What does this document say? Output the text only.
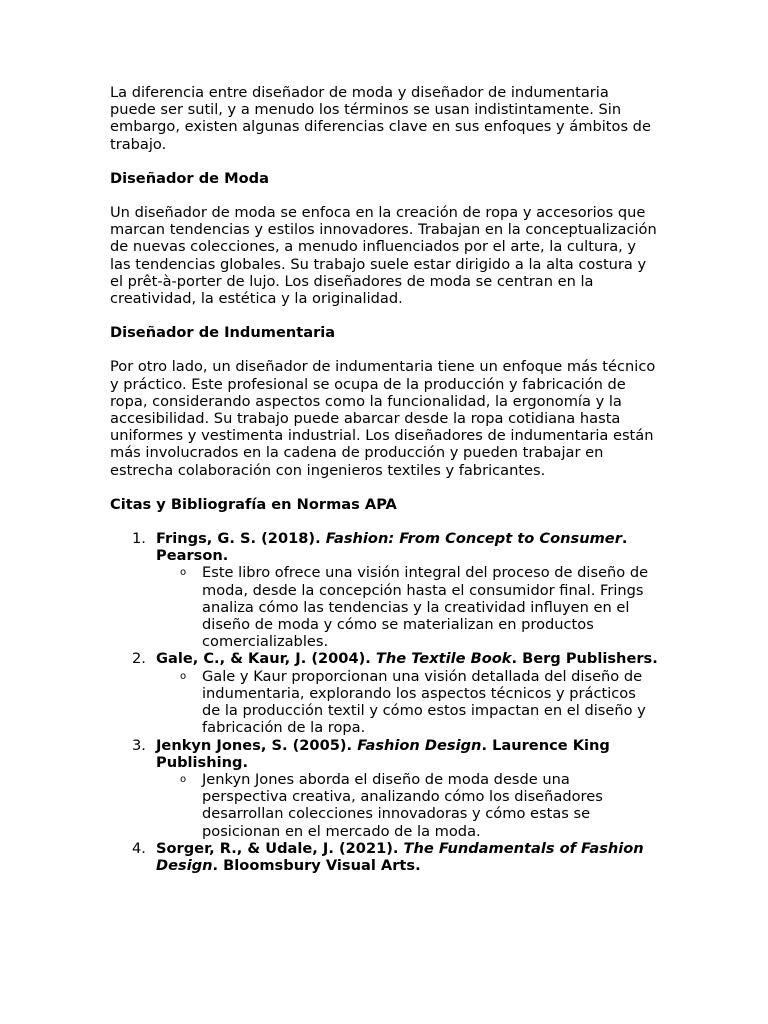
La diferencia entre diseñador de moda y diseñador de indumentaria puede ser sutil, y a menudo los términos se usan indistintamente. Sin embargo, existen algunas diferencias clave en sus enfoques y ámbitos de trabajo.

Diseñador de Moda

Un diseñador de moda se enfoca en la creación de ropa y accesorios que marcan tendencias y estilos innovadores. Trabajan en la conceptualización de nuevas colecciones, a menudo influenciados por el arte, la cultura, y las tendencias globales. Su trabajo suele estar dirigido a la alta costura y el prêt-à-porter de lujo. Los diseñadores de moda se centran en la creatividad, la estética y la originalidad.

Diseñador de Indumentaria

Por otro lado, un diseñador de indumentaria tiene un enfoque más técnico y práctico. Este profesional se ocupa de la producción y fabricación de ropa, considerando aspectos como la funcionalidad, la ergonomía y la accesibilidad. Su trabajo puede abarcar desde la ropa cotidiana hasta uniformes y vestimenta industrial. Los diseñadores de indumentaria están más involucrados en la cadena de producción y pueden trabajar en estrecha colaboración con ingenieros textiles y fabricantes.

Citas y Bibliografía en Normas APA

1. Frings, G. S. (2018). Fashion: From Concept to Consumer. Pearson.
o Este libro ofrece una visión integral del proceso de diseño de moda, desde la concepción hasta el consumidor final. Frings analiza cómo las tendencias y la creatividad influyen en el diseño de moda y cómo se materializan en productos comercializables.
2. Gale, C., & Kaur, J. (2004). The Textile Book. Berg Publishers.
o Gale y Kaur proporcionan una visión detallada del diseño de indumentaria, explorando los aspectos técnicos y prácticos de la producción textil y cómo estos impactan en el diseño y fabricación de la ropa.
3. Jenkyn Jones, S. (2005). Fashion Design. Laurence King Publishing.
o Jenkyn Jones aborda el diseño de moda desde una perspectiva creativa, analizando cómo los diseñadores desarrollan colecciones innovadoras y cómo estas se posicionan en el mercado de la moda.
4. Sorger, R., & Udale, J. (2021). The Fundamentals of Fashion Design. Bloomsbury Visual Arts.
